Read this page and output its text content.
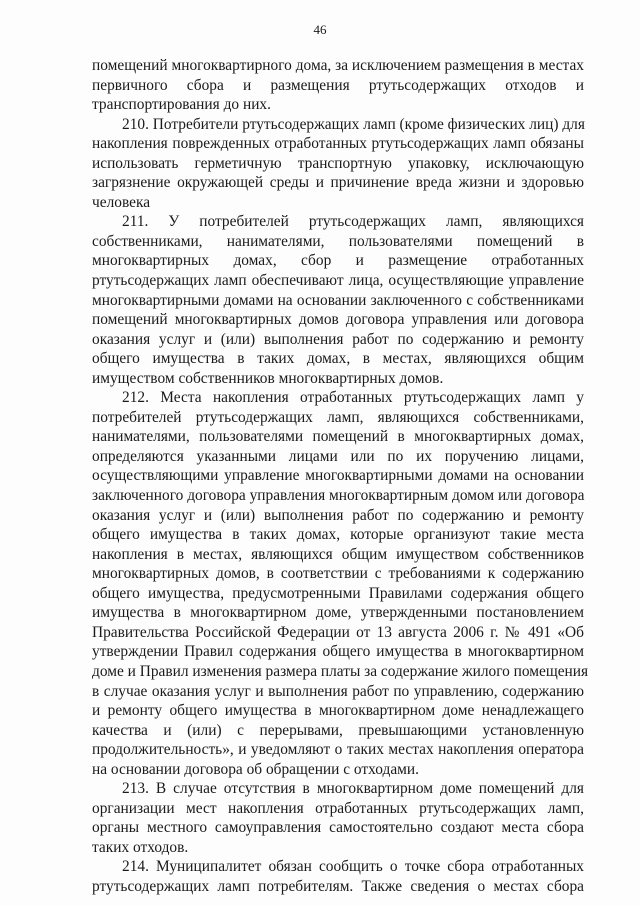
46

помещений многоквартирного дома, за исключением размещения в местах
первичного сбора и размещения ртутьсодержащих отходов и
транспортирования до них.

210. Потребители ртутьсодержащих ламп (кроме физических лиц) для
накопления поврежденных отработанных ртутьсодержащих ламп обязаны
использовать герметичную транспортную упаковку, исключающую
загрязнение окружающей среды и причинение вреда жизни и здоровью
человека

211. У потребителей ртутьсодержащих ламп, являющихся
собственниками, нанимателями, пользователями помещений в
многоквартирных домах, сбор и размещение отработанных
ртутьсодержащих ламп обеспечивают лица, осуществляющие управление
многоквартирными домами на основании заключенного с собственниками
помещений многоквартирных домов договора управления или договора
оказания услуг и (или) выполнения работ по содержанию и ремонту
общего имущества в таких домах, в местах, являющихся общим
имуществом собственников многоквартирных домов.

212. Места накопления отработанных ртутьсодержащих ламп у
потребителей ртутьсодержащих ламп, являющихся собственниками,
нанимателями, пользователями помещений в многоквартирных домах,
определяются указанными лицами или по их поручению лицами,
осуществляющими управление многоквартирными домами на основании
заключенного договора управления многоквартирным домом или договора
оказания услуг и (или) выполнения работ по содержанию и ремонту
общего имущества в таких домах, которые организуют такие места
накопления в местах, являющихся общим имуществом собственников
многоквартирных домов, в соответствии с требованиями к содержанию
общего имущества, предусмотренными Правилами содержания общего
имущества в многоквартирном доме, утвержденными постановлением
Правительства Российской Федерации от 13 августа 2006 г. № 491 «Об
утверждении Правил содержания общего имущества в многоквартирном
доме и Правил изменения размера платы за содержание жилого помещения
в случае оказания услуг и выполнения работ по управлению, содержанию
и ремонту общего имущества в многоквартирном доме ненадлежащего
качества и (или) с перерывами, превышающими установленную
продолжительность», и уведомляют о таких местах накопления оператора
на основании договора об обращении с отходами.

213. В случае отсутствия в многоквартирном доме помещений для
организации мест накопления отработанных ртутьсодержащих ламп,
органы местного самоуправления самостоятельно создают места сбора
таких отходов.

214. Муниципалитет обязан сообщить о точке сбора отработанных
ртутьсодержащих ламп потребителям. Также сведения о местах сбора
